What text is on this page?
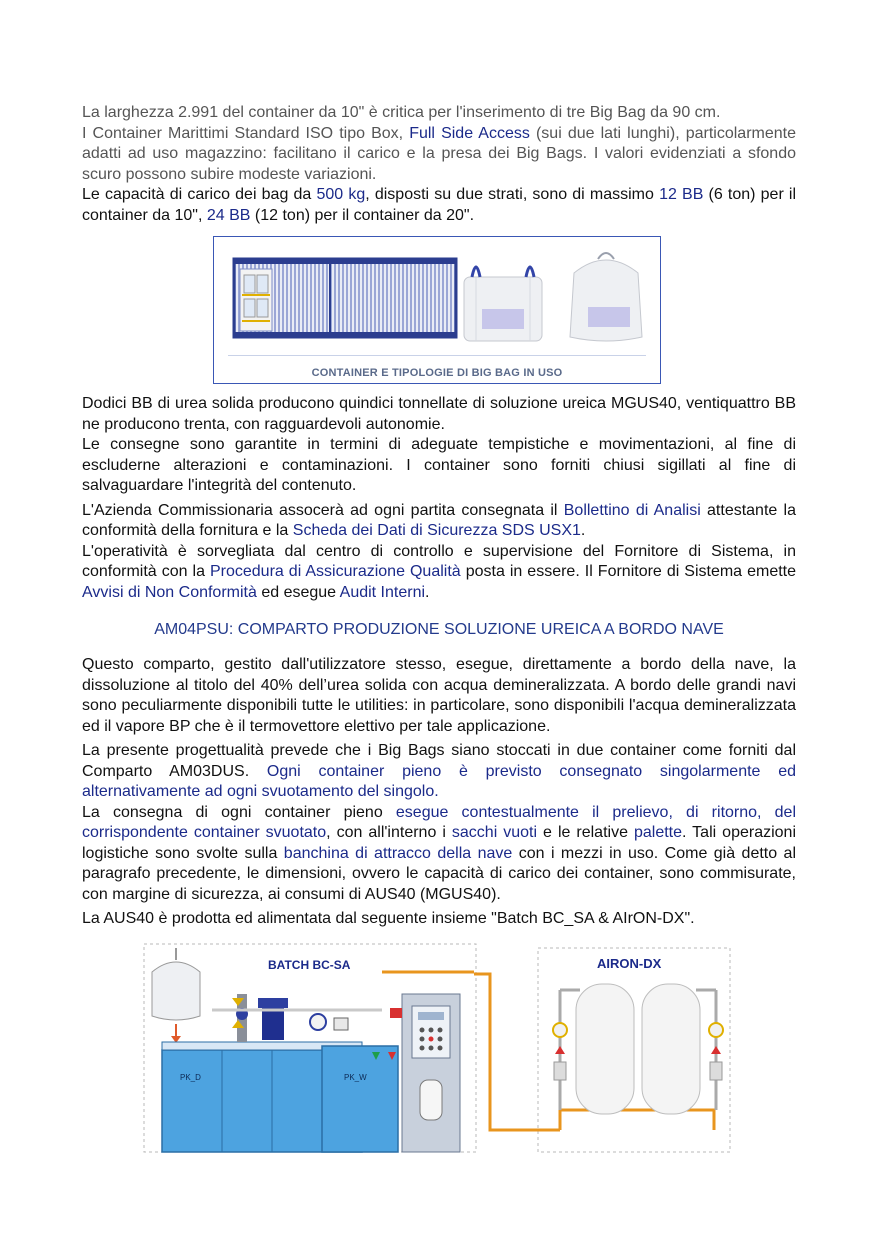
La larghezza 2.991 del container da 10" è critica per l'inserimento di tre Big Bag da 90 cm.
I Container Marittimi Standard ISO tipo Box, Full Side Access (sui due lati lunghi), particolarmente adatti ad uso magazzino: facilitano il carico e la presa dei Big Bags. I valori evidenziati a sfondo scuro possono subire modeste variazioni.

Le capacità di carico dei bag da 500 kg, disposti su due strati, sono di massimo 12 BB (6 ton) per il container da 10", 24 BB (12 ton) per il container da 20".

CONTAINER E TIPOLOGIE DI BIG BAG IN USO

Dodici BB di urea solida producono quindici tonnellate di soluzione ureica MGUS40, ventiquattro BB ne producono trenta, con ragguardevoli autonomie.

Le consegne sono garantite in termini di adeguate tempistiche e movimentazioni, al fine di escluderne alterazioni e contaminazioni. I container sono forniti chiusi sigillati al fine di salvaguardare l'integrità del contenuto.

L'Azienda Commissionaria assocerà ad ogni partita consegnata il Bollettino di Analisi attestante la conformità della fornitura e la Scheda dei Dati di Sicurezza SDS USX1.

L'operatività è sorvegliata dal centro di controllo e supervisione del Fornitore di Sistema, in conformità con la Procedura di Assicurazione Qualità posta in essere. Il Fornitore di Sistema emette Avvisi di Non Conformità ed esegue Audit Interni.

AM04PSU: COMPARTO PRODUZIONE SOLUZIONE UREICA A BORDO NAVE

Questo comparto, gestito dall'utilizzatore stesso, esegue, direttamente a bordo della nave, la dissoluzione al titolo del 40% dell’urea solida con acqua demineralizzata. A bordo delle grandi navi sono peculiarmente disponibili tutte le utilities: in particolare, sono disponibili l'acqua demineralizzata ed il vapore BP che è il termovettore elettivo per tale applicazione.

La presente progettualità prevede che i Big Bags siano stoccati in due container come forniti dal Comparto AM03DUS. Ogni container pieno è previsto consegnato singolarmente ed alternativamente ad ogni svuotamento del singolo.

La consegna di ogni container pieno esegue contestualmente il prelievo, di ritorno, del corrispondente container svuotato, con all'interno i sacchi vuoti e le relative palette. Tali operazioni logistiche sono svolte sulla banchina di attracco della nave con i mezzi in uso. Come già detto al paragrafo precedente, le dimensioni, ovvero le capacità di carico dei container, sono commisurate, con margine di sicurezza, ai consumi di AUS40 (MGUS40).

La AUS40 è prodotta ed alimentata dal seguente insieme "Batch BC_SA & AIrON-DX".

BATCH BC-SA	AIRON-DX
PK_D	PK_W
